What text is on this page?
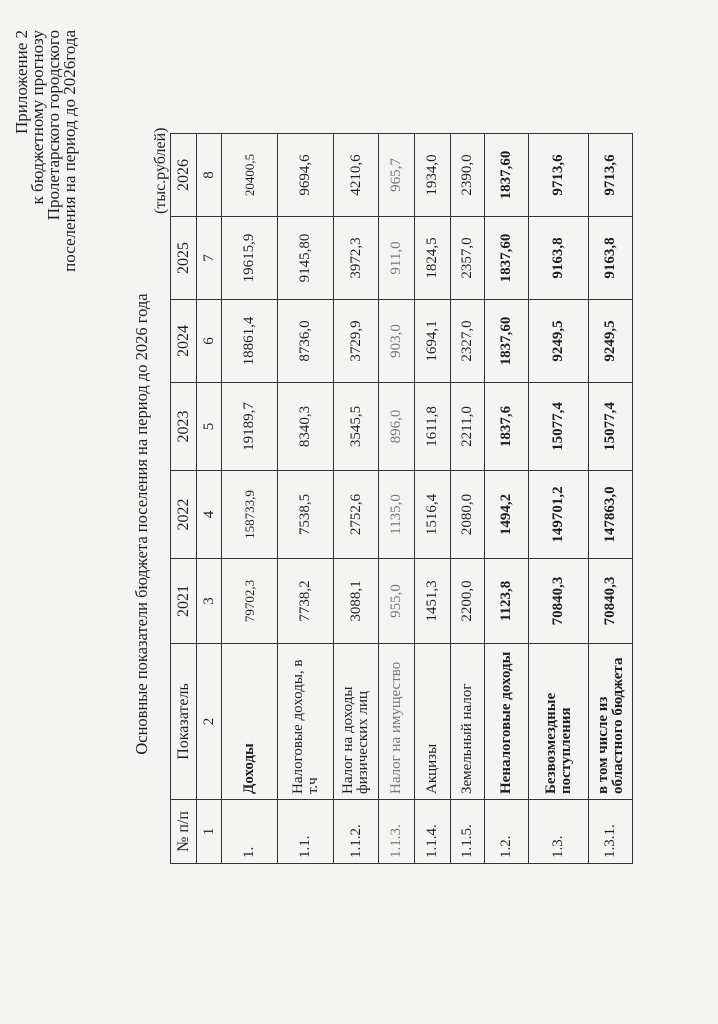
Приложение 2
к бюджетному прогнозу
Пролетарского городского
поселения на период до 2026года
Основные показатели бюджета поселения на период до 2026 года
(тыс.рублей)
№ п/п	Показатель	2021	2022	2023	2024	2025	2026
1	2	3	4	5	6	7	8
1.	Доходы	79702,3	158733,9	19189,7	18861,4	19615,9	20400,5
1.1.	Налоговые доходы, в т.ч	7738,2	7538,5	8340,3	8736,0	9145,80	9694,6
1.1.2.	Налог на доходы физических лиц	3088,1	2752,6	3545,5	3729,9	3972,3	4210,6
1.1.3.	Налог на имущество	955,0	1135,0	896,0	903,0	911,0	965,7
1.1.4.	Акцизы	1451,3	1516,4	1611,8	1694,1	1824,5	1934,0
1.1.5.	Земельный налог	2200,0	2080,0	2211,0	2327,0	2357,0	2390,0
1.2.	Неналоговые доходы	1123,8	1494,2	1837,6	1837,60	1837,60	1837,60
1.3.	Безвозмездные поступления	70840,3	149701,2	15077,4	9249,5	9163,8	9713,6
1.3.1.	в том числе из областного бюджета	70840,3	147863,0	15077,4	9249,5	9163,8	9713,6
